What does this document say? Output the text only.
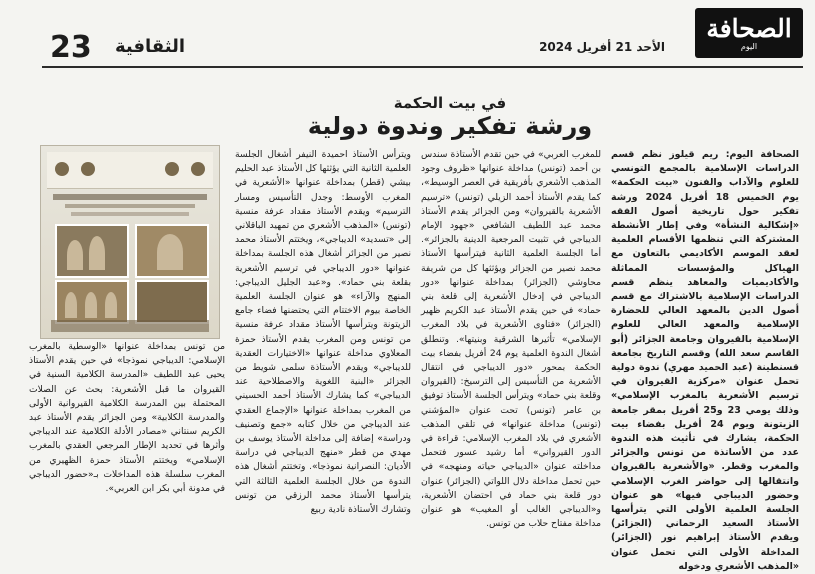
الصحافة
اليوم
الأحد 21 أفريل 2024
الثقافية
23
في بيت الحكمة
ورشة تفكير وندوة دولية

الصحافة اليوم: ريم قيلوز نظم قسم الدراسات الإسلامية بالمجمع التونسي للعلوم والآداب والفنون «بيت الحكمة» يوم الخميس 18 أفريل 2024 ورشة تفكير حول تاريخية أصول الفقه «إشكالية النشأة» وفي إطار الأنشطة المشتركة التي تنظمها الأقسام العلمية لعقد الموسم الأكاديمي بالتعاون مع الهياكل والمؤسسات المماثلة والأكاديميات والمعاهد ينظم قسم الدراسات الإسلامية بالاشتراك مع قسم أصول الدين بالمعهد العالي للحضارة الإسلامية والمعهد العالي للعلوم الإسلامية بالقيروان وجامعة الجزائر (أبو القاسم سعد الله) وقسم التاريخ بجامعة قسنطينة (عبد الحميد مهري) ندوة دولية تحمل عنوان «مركزية القيروان في ترسيم الأشعرية بالمغرب الإسلامي» وذلك يومي 23 و25 أفريل بمقر جامعة الزيتونة ويوم 24 أفريل بفضاء بيت الحكمة، يشارك في تأثيث هذه الندوة عدد من الأساتذة من تونس والجزائر والمغرب وقطر. «والأشعرية بالقيروان وانتقالها إلى حواضر الغرب الإسلامي وحضور الديباجي فيها» هو عنوان الجلسة العلمية الأولى التي يترأسها الأستاذ السعيد الرحماني (الجزائر) ويقدم الأستاذ إبراهيم نور (الجزائر) المداخلة الأولى التي تحمل عنوان «المذهب الأشعري ودخوله

للمغرب العربي» في حين تقدم الأستاذة سندس بن أحمد (تونس) مداخلة عنوانها «ظروف وجود المذهب الأشعري بأفريقية في العصر الوسيط»، كما يقدم الأستاذ أحمد الزيلي (تونس) «ترسيم الأشعرية بالقيروان» ومن الجزائر يقدم الأستاذ محمد عبد اللطيف الشافعي «جهود الإمام الديباجي في تثبيت المرجعية الدينية بالجزائر». أما الجلسة العلمية الثانية فيترأسها الأستاذ محمد نصير من الجزائر ويؤثثها كل من شريفة محاوشي (الجزائر) بمداخلة عنوانها «دور الديباجي في إدخال الأشعرية إلى قلعة بني حماد» في حين يقدم الأستاذ عبد الكريم ظهير (الجزائر) «فتاوى الأشعرية في بلاد المغرب الإسلامي» تأثيرها الشرقية وبنيتها». وتنطلق أشغال الندوة العلمية يوم 24 أفريل بفضاء بيت الحكمة بمحور «دور الديباجي في انتقال الأشعرية من التأسيس إلى الترسيخ: (القيروان وقلعة بني حماد» ويترأس الجلسة الأستاذ توفيق بن عامر (تونس) تحت عنوان «المؤشني (تونس) مداخلة عنوانها» في تلقي المذهب الأشعري في بلاد المغرب الإسلامي: قراءة في الدور القيرواني» أما رشيد عسور فتحمل مداخلته عنوان «الديباجي حياته ومنهجه» في حين تحمل مداخلة دلال اللواتي (الجزائر) عنوان دور قلعة بني حماد في احتضان الأشعرية، و«الديباجي الغالب أو المغيب» هو عنوان مداخلة مفتاح حلاب من تونس.

ويترأس الأستاذ احميدة النيفر أشغال الجلسة العلمية الثانية التي يؤثثها كل الأستاذ عبد الحليم بيشي (قطر) بمداخلة عنوانها «الأشعرية في المغرب الأوسط: وجدل التأسيس ومسار الترسيم» ويقدم الأستاذ مقداد عرفة منسية (تونس) «المذهب الأشعري من تمهيد الباقلاني إلى «تسديد» الديباجي»، ويختتم الأستاذ محمد نصير من الجزائر أشغال هذه الجلسة بمداخلة عنوانها «دور الديباجي في ترسيم الأشعرية بقلعة بني حماد». و«عبد الجليل الديباجي: المنهج والآراء» هو عنوان الجلسة العلمية الخاصة بيوم الاختتام التي يحتضنها فضاء جامع الزيتونة ويترأسها الأستاذ مقداد عرفة منسية من تونس ومن المغرب يقدم الأستاذ حمزة المعلاوي مداخلة عنوانها «الاختيارات العقدية للديباجي» ويقدم الأستاذة سلمى شويط من الجزائر «البنية اللغوية والاصطلاحية عند الديباجي» كما يشارك الأستاذ أحمد الحسيني من المغرب بمداخلة عنوانها «الإجماع العقدي عند الديباجي من خلال كتابه «جمع وتصنيف ودراسة» إضافة إلى مداخلة الأستاذ يوسف بن مهدي من قطر «منهج الديباجي في دراسة الأديان: النصرانية نموذجا». وتختتم أشغال هذه الندوة من خلال الجلسة العلمية الثالثة التي يترأسها الأستاذ محمد الرزقي من تونس وتشارك الأستاذة نادية ربيع

من تونس بمداخلة عنوانها «الوسطية بالمغرب الإسلامي: الديباجي نموذجا» في حين يقدم الأستاذ يحيى عبد اللطيف «المدرسة الكلامية السنية في القيروان ما قبل الأشعرية: بحث عن الصلات المحتملة بين المدرسة الكلامية القيروانية الأولى والمدرسة الكلابية» ومن الجزائر يقدم الأستاذ عبد الكريم سنتاني «مصادر الأدلة الكلامية عند الديباجي وأثرها في تحديد الإطار المرجعي العقدي بالمغرب الإسلامي» ويختتم الأستاذ حمزة الظهيري من المغرب سلسلة هذه المداخلات بـ«حضور الديباجي في مدونة أبي بكر ابن العربي».
